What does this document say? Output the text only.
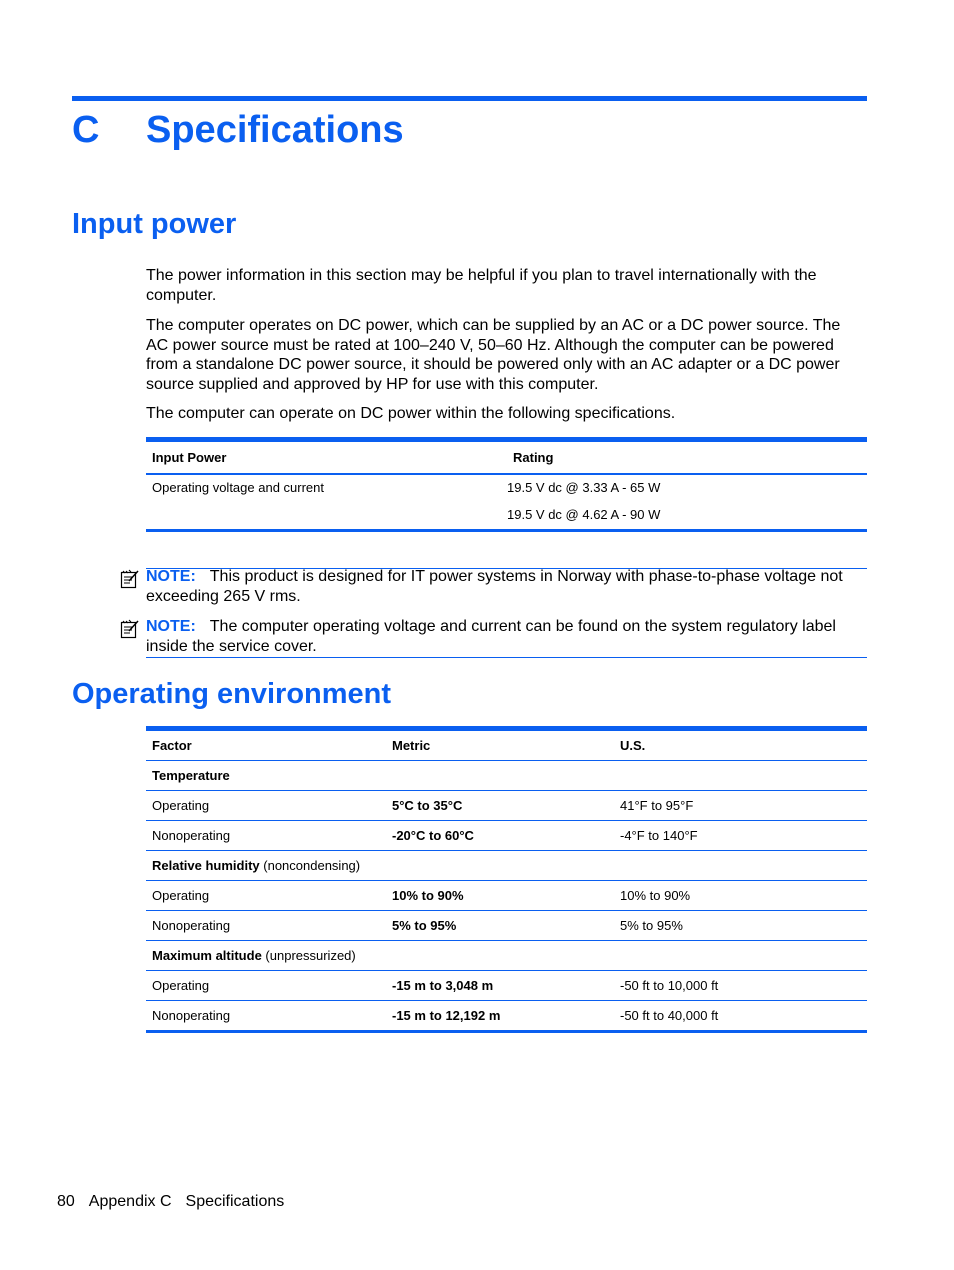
C Specifications
Input power

The power information in this section may be helpful if you plan to travel internationally with the computer.

The computer operates on DC power, which can be supplied by an AC or a DC power source. The AC power source must be rated at 100–240 V, 50–60 Hz. Although the computer can be powered from a standalone DC power source, it should be powered only with an AC adapter or a DC power source supplied and approved by HP for use with this computer.

The computer can operate on DC power within the following specifications.

Input Power	Rating
Operating voltage and current	19.5 V dc @ 3.33 A - 65 W
19.5 V dc @ 4.62 A - 90 W
NOTE: This product is designed for IT power systems in Norway with phase-to-phase voltage not exceeding 265 V rms.
NOTE: The computer operating voltage and current can be found on the system regulatory label inside the service cover.
Operating environment
Factor	Metric	U.S.
Temperature		
Operating	5°C to 35°C	41°F to 95°F
Nonoperating	-20°C to 60°C	-4°F to 140°F
Relative humidity (noncondensing)		
Operating	10% to 90%	10% to 90%
Nonoperating	5% to 95%	5% to 95%
Maximum altitude (unpressurized)		
Operating	-15 m to 3,048 m	-50 ft to 10,000 ft
Nonoperating	-15 m to 12,192 m	-50 ft to 40,000 ft
80 Appendix C Specifications
